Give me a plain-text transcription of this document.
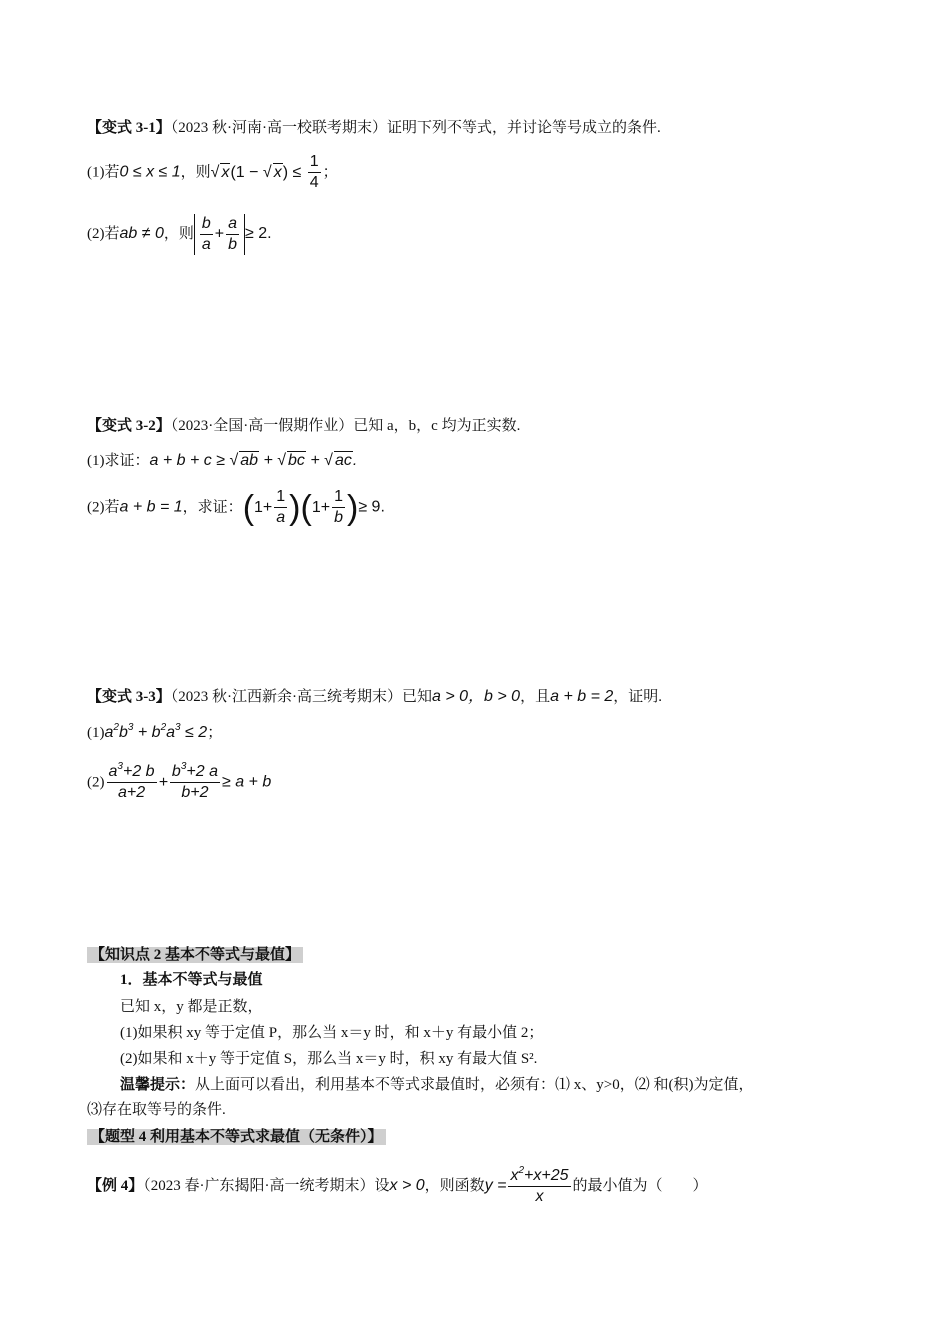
【变式 3-1】（2023 秋·河南·高一校联考期末）证明下列不等式，并讨论等号成立的条件.
(1)若0 ≤ x ≤ 1，则√ x(1 − √ $x) \le \frac{1}{4}$ ；
(2)若ab ≠ 0，则 $\frac{b}{a} + \frac{a}{b} \ge 2$.
【变式 3-2】（2023·全国·高一假期作业）已知 a，b，c 均为正实数.
(1)求证：a + b + c ≥ √ ab + √ bc + √ ac.
(2)若a + b = 1，求证：$(1+ \frac{1}{a} )(1+ \frac{1}{b}$ )≥ 9.
【变式 3-3】（2023 秋·江西新余·高三统考期末）已知a > 0，b > 0，且a + b = 2，证明.
$(1)a^2b^3 + b^2a^3 \le 2$；
$(2) \frac{a^3+2 b}{a+2} + \frac{b^3+2 a}{b+2} \ge a + b$
【知识点 2 基本不等式与最值】
1．基本不等式与最值
已知 x，y 都是正数，
(1)如果积 xy 等于定值 P，那么当 x＝y 时，和 x＋y 有最小值 2；
(2)如果和 x＋y 等于定值 S，那么当 x＝y 时，积 xy 有最大值 S².
温馨提示：从上面可以看出，利用基本不等式求最值时，必须有：⑴ x、y>0，⑵ 和(积)为定值，
⑶存在取等号的条件.
【题型 4 利用基本不等式求最值（无条件）】
【例 4】（2023 春·广东揭阳·高一统考期末）设x > 0，则函数$y = \frac{x^2+x+25}{x}$ 的最小值为（　　）
